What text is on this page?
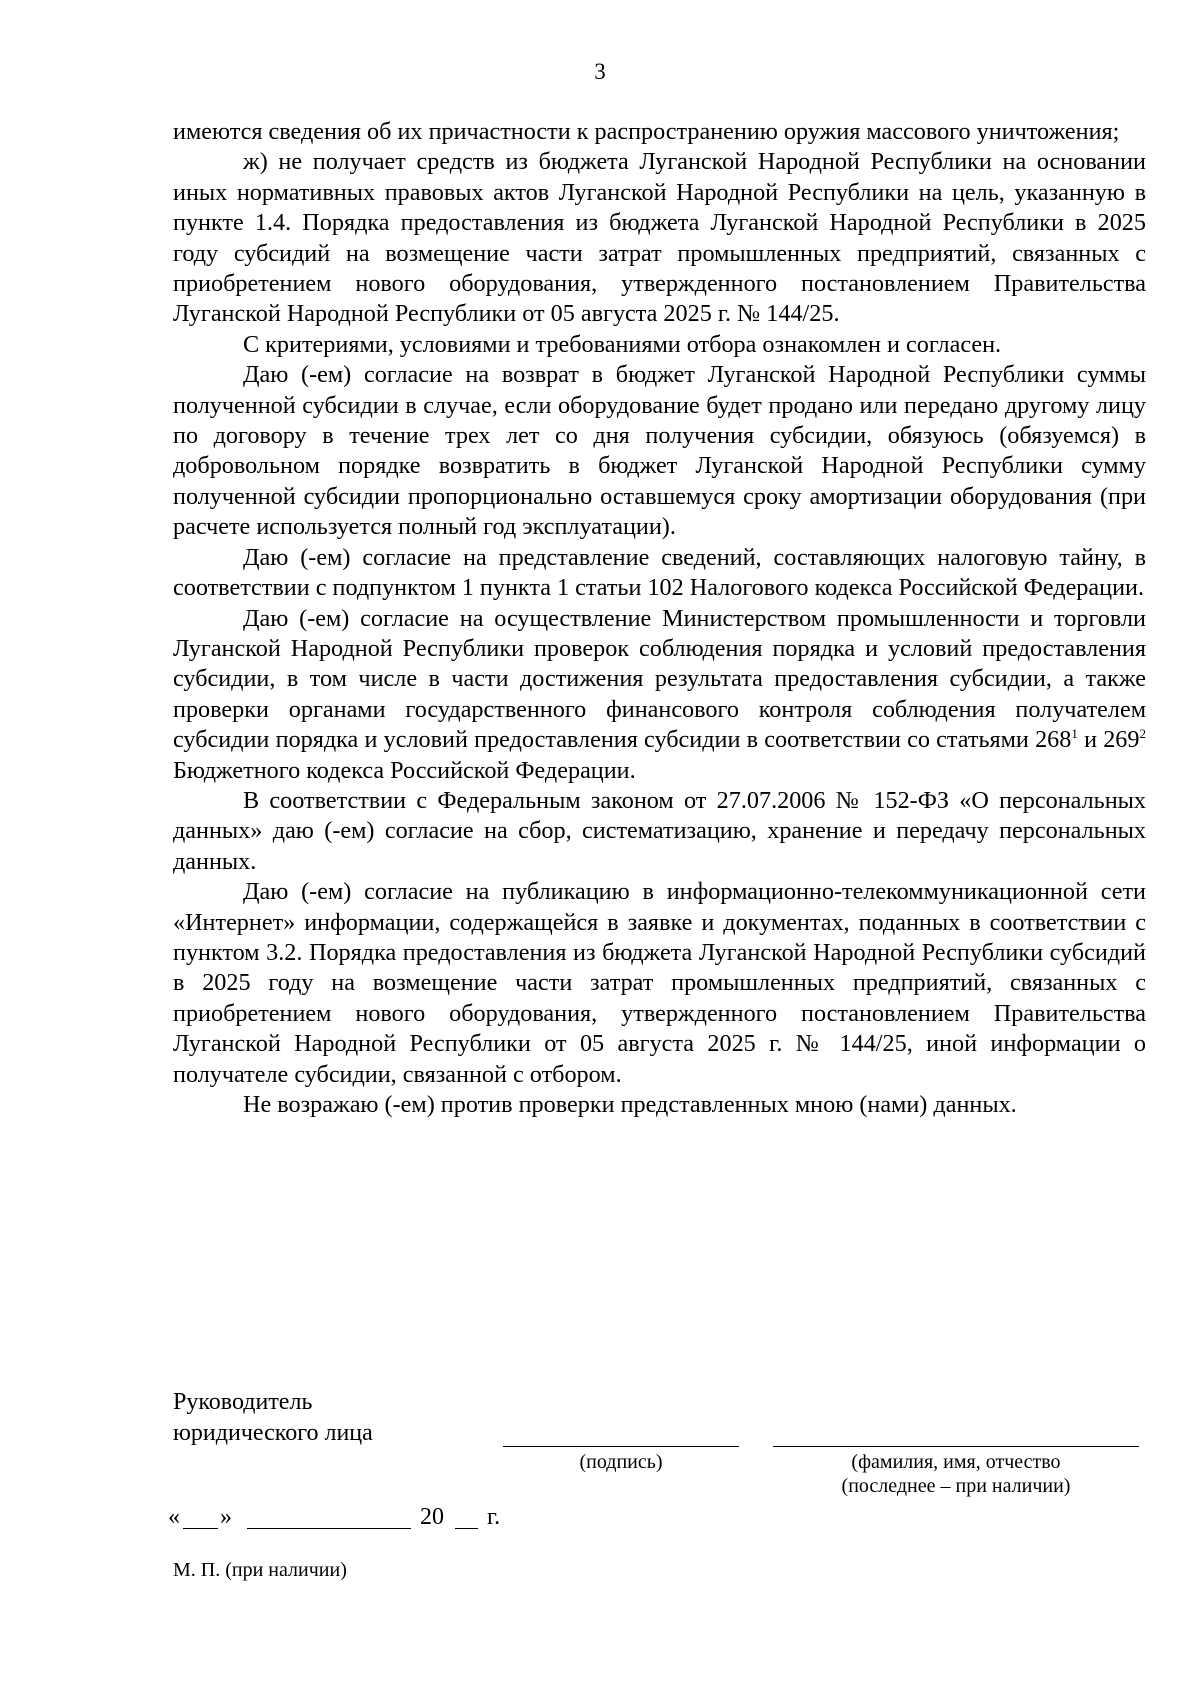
3

имеются сведения об их причастности к распространению оружия массового уничтожения;

ж) не получает средств из бюджета Луганской Народной Республики на основании иных нормативных правовых актов Луганской Народной Республики на цель, указанную в пункте 1.4. Порядка предоставления из бюджета Луганской Народной Республики в 2025 году субсидий на возмещение части затрат промышленных предприятий, связанных с приобретением нового оборудования, утвержденного постановлением Правительства Луганской Народной Республики от 05 августа 2025 г. № 144/25.

С критериями, условиями и требованиями отбора ознакомлен и согласен.

Даю (-ем) согласие на возврат в бюджет Луганской Народной Республики суммы полученной субсидии в случае, если оборудование будет продано или передано другому лицу по договору в течение трех лет со дня получения субсидии, обязуюсь (обязуемся) в добровольном порядке возвратить в бюджет Луганской Народной Республики сумму полученной субсидии пропорционально оставшемуся сроку амортизации оборудования (при расчете используется полный год эксплуатации).

Даю (-ем) согласие на представление сведений, составляющих налоговую тайну, в соответствии с подпунктом 1 пункта 1 статьи 102 Налогового кодекса Российской Федерации.

Даю (-ем) согласие на осуществление Министерством промышленности и торговли Луганской Народной Республики проверок соблюдения порядка и условий предоставления субсидии, в том числе в части достижения результата предоставления субсидии, а также проверки органами государственного финансового контроля соблюдения получателем субсидии порядка и условий предоставления субсидии в соответствии со статьями $268^1$ и $269^2$ Бюджетного кодекса Российской Федерации.

В соответствии с Федеральным законом от 27.07.2006 № 152-ФЗ «О персональных данных» даю (-ем) согласие на сбор, систематизацию, хранение и передачу персональных данных.

Даю (-ем) согласие на публикацию в информационно-телекоммуникационной сети «Интернет» информации, содержащейся в заявке и документах, поданных в соответствии с пунктом 3.2. Порядка предоставления из бюджета Луганской Народной Республики субсидий в 2025 году на возмещение части затрат промышленных предприятий, связанных с приобретением нового оборудования, утвержденного постановлением Правительства Луганской Народной Республики от 05 августа 2025 г. № 144/25, иной информации о получателе субсидии, связанной с отбором.

Не возражаю (-ем) против проверки представленных мною (нами) данных.

Руководитель
юридического лица
(подпись)	(фамилия, имя, отчество
(последнее – при наличии)
« »	20 г.
М. П. (при наличии)
